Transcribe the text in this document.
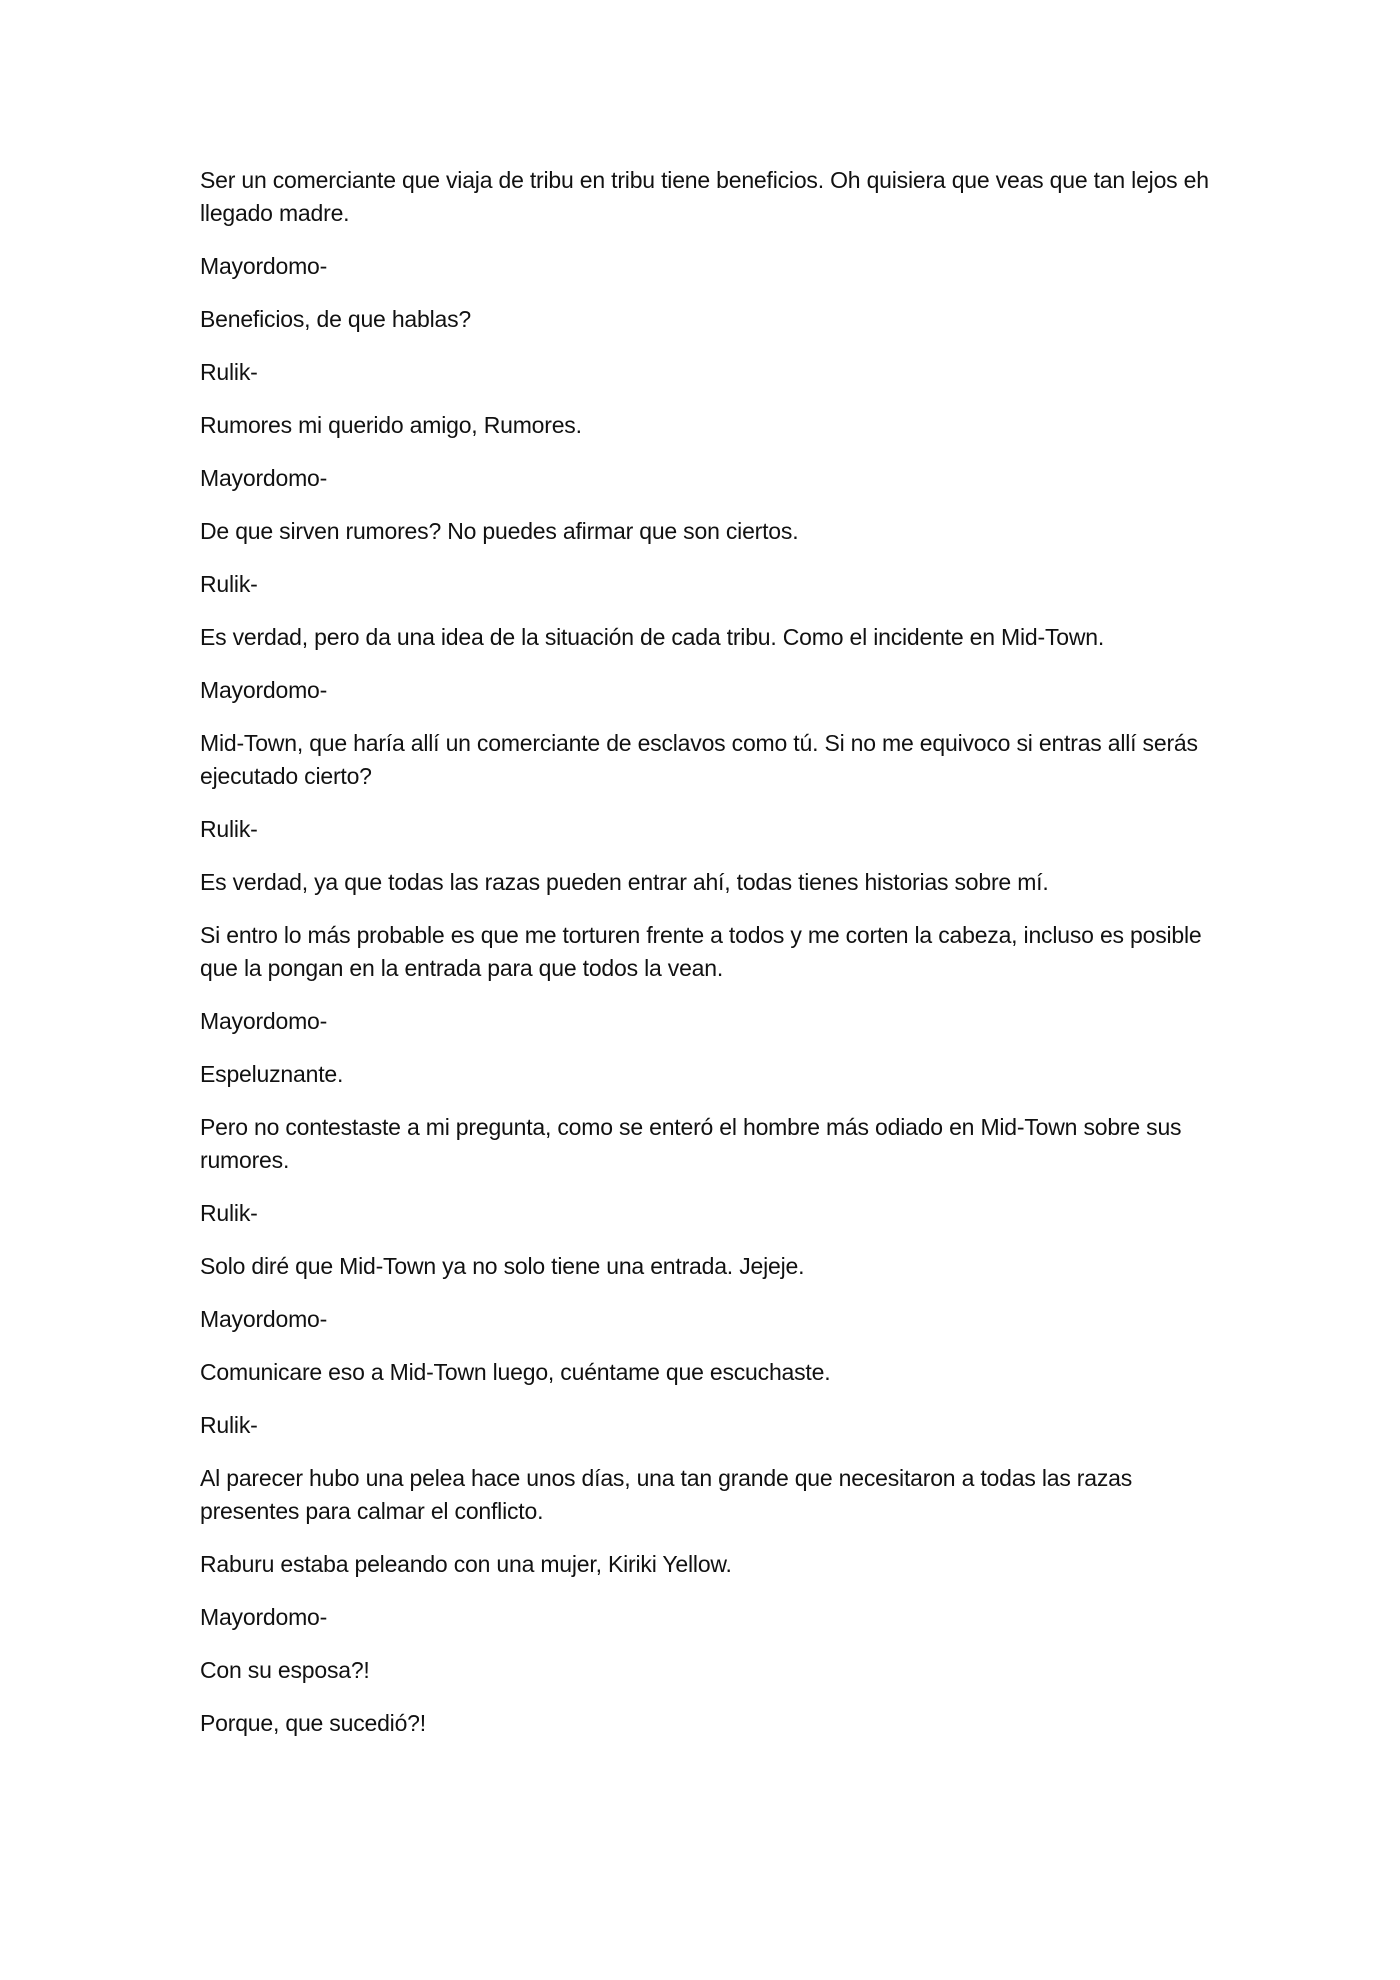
Ser un comerciante que viaja de tribu en tribu tiene beneficios. Oh quisiera que veas que tan lejos eh llegado madre.

Mayordomo-

Beneficios, de que hablas?

Rulik-

Rumores mi querido amigo, Rumores.

Mayordomo-

De que sirven rumores? No puedes afirmar que son ciertos.

Rulik-

Es verdad, pero da una idea de la situación de cada tribu. Como el incidente en Mid-Town.

Mayordomo-

Mid-Town, que haría allí un comerciante de esclavos como tú. Si no me equivoco si entras allí serás ejecutado cierto?

Rulik-

Es verdad, ya que todas las razas pueden entrar ahí, todas tienes historias sobre mí.

Si entro lo más probable es que me torturen frente a todos y me corten la cabeza, incluso es posible que la pongan en la entrada para que todos la vean.

Mayordomo-

Espeluznante.

Pero no contestaste a mi pregunta, como se enteró el hombre más odiado en Mid-Town sobre sus rumores.

Rulik-

Solo diré que Mid-Town ya no solo tiene una entrada. Jejeje.

Mayordomo-

Comunicare eso a Mid-Town luego, cuéntame que escuchaste.

Rulik-

Al parecer hubo una pelea hace unos días, una tan grande que necesitaron a todas las razas presentes para calmar el conflicto.

Raburu estaba peleando con una mujer, Kiriki Yellow.

Mayordomo-

Con su esposa?!

Porque, que sucedió?!
